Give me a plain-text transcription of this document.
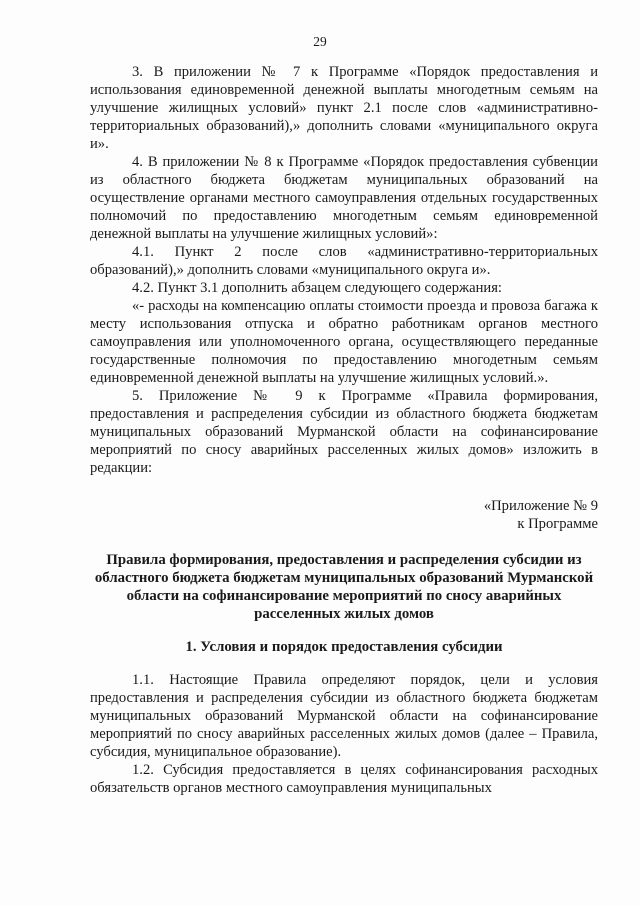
29

3. В приложении № 7 к Программе «Порядок предоставления и использования единовременной денежной выплаты многодетным семьям на улучшение жилищных условий» пункт 2.1 после слов «административно-территориальных образований),» дополнить словами «муниципального округа и».

4. В приложении № 8 к Программе «Порядок предоставления субвенции из областного бюджета бюджетам муниципальных образований на осуществление органами местного самоуправления отдельных государственных полномочий по предоставлению многодетным семьям единовременной денежной выплаты на улучшение жилищных условий»:

4.1. Пункт 2 после слов «административно-территориальных образований),» дополнить словами «муниципального округа и».

4.2. Пункт 3.1 дополнить абзацем следующего содержания:

«- расходы на компенсацию оплаты стоимости проезда и провоза багажа к месту использования отпуска и обратно работникам органов местного самоуправления или уполномоченного органа, осуществляющего переданные государственные полномочия по предоставлению многодетным семьям единовременной денежной выплаты на улучшение жилищных условий.».

5. Приложение № 9 к Программе «Правила формирования, предоставления и распределения субсидии из областного бюджета бюджетам муниципальных образований Мурманской области на софинансирование мероприятий по сносу аварийных расселенных жилых домов» изложить в редакции:

«Приложение № 9
к Программе
Правила формирования, предоставления и распределения субсидии из областного бюджета бюджетам муниципальных образований Мурманской области на софинансирование мероприятий по сносу аварийных расселенных жилых домов
1. Условия и порядок предоставления субсидии

1.1. Настоящие Правила определяют порядок, цели и условия предоставления и распределения субсидии из областного бюджета бюджетам муниципальных образований Мурманской области на софинансирование мероприятий по сносу аварийных расселенных жилых домов (далее – Правила, субсидия, муниципальное образование).

1.2. Субсидия предоставляется в целях софинансирования расходных обязательств органов местного самоуправления муниципальных
